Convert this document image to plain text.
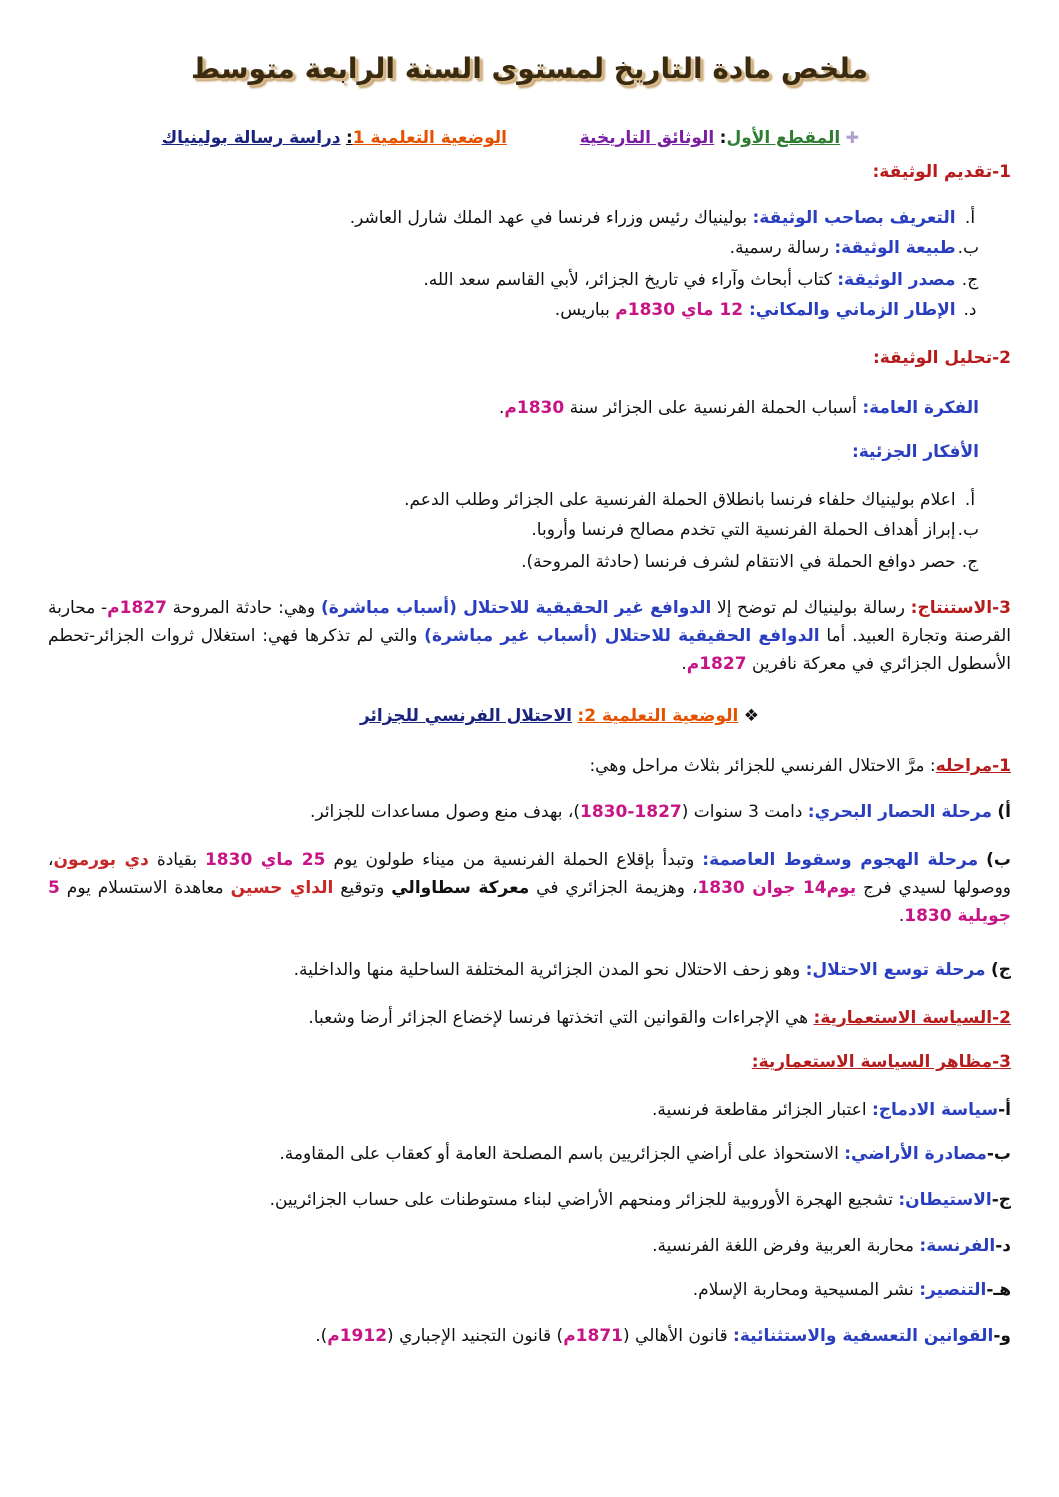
ملخص مادة التاريخ لمستوى السنة الرابعة متوسط
✚ المقطع الأول: الوثائق التاريخية  الوضعية التعلمية 1: دراسة رسالة بولينياك
1-تقديم الوثيقة:
أ. التعريف بصاحب الوثيقة: بولينياك رئيس وزراء فرنسا في عهد الملك شارل العاشر.
ب. طبيعة الوثيقة: رسالة رسمية.
ج. مصدر الوثيقة: كتاب أبحاث وآراء في تاريخ الجزائر، لأبي القاسم سعد الله.
د. الإطار الزماني والمكاني: 12 ماي 1830م بباريس.
2-تحليل الوثيقة:
الفكرة العامة: أسباب الحملة الفرنسية على الجزائر سنة 1830م.
الأفكار الجزئية:
أ. اعلام بولينياك حلفاء فرنسا بانطلاق الحملة الفرنسية على الجزائر وطلب الدعم.
ب. إبراز أهداف الحملة الفرنسية التي تخدم مصالح فرنسا وأروبا.
ج. حصر دوافع الحملة في الانتقام لشرف فرنسا (حادثة المروحة).
3-الاستنتاج: رسالة بولينياك لم توضح إلا الدوافع غير الحقيقية للاحتلال (أسباب مباشرة) وهي: حادثة المروحة 1827م- محاربة القرصنة وتجارة العبيد. أما الدوافع الحقيقية للاحتلال (أسباب غير مباشرة) والتي لم تذكرها فهي: استغلال ثروات الجزائر-تحطم الأسطول الجزائري في معركة نافرين 1827م.
❖ الوضعية التعلمية 2: الاحتلال الفرنسي للجزائر
1-مراحله: مرَّ الاحتلال الفرنسي للجزائر بثلاث مراحل وهي:
أ) مرحلة الحصار البحري: دامت 3 سنوات (1827-1830)، بهدف منع وصول مساعدات للجزائر.
ب) مرحلة الهجوم وسقوط العاصمة: وتبدأ بإقلاع الحملة الفرنسية من ميناء طولون يوم 25 ماي 1830 بقيادة دي بورمون، ووصولها لسيدي فرج يوم14 جوان 1830، وهزيمة الجزائري في معركة سطاوالي وتوقيع الداي حسين معاهدة الاستسلام يوم 5 جويلية 1830.
ج) مرحلة توسع الاحتلال: وهو زحف الاحتلال نحو المدن الجزائرية المختلفة الساحلية منها والداخلية.
2-السياسة الاستعمارية: هي الإجراءات والقوانين التي اتخذتها فرنسا لإخضاع الجزائر أرضا وشعبا.
3-مظاهر السياسة الاستعمارية:
أ-سياسة الادماج: اعتبار الجزائر مقاطعة فرنسية.
ب-مصادرة الأراضي: الاستحواذ على أراضي الجزائريين باسم المصلحة العامة أو كعقاب على المقاومة.
ج-الاستيطان: تشجيع الهجرة الأوروبية للجزائر ومنحهم الأراضي لبناء مستوطنات على حساب الجزائريين.
د-الفرنسة: محاربة العربية وفرض اللغة الفرنسية.
هـ-التنصير: نشر المسيحية ومحاربة الإسلام.
و-القوانين التعسفية والاستثنائية: قانون الأهالي (1871م) قانون التجنيد الإجباري (1912م).
